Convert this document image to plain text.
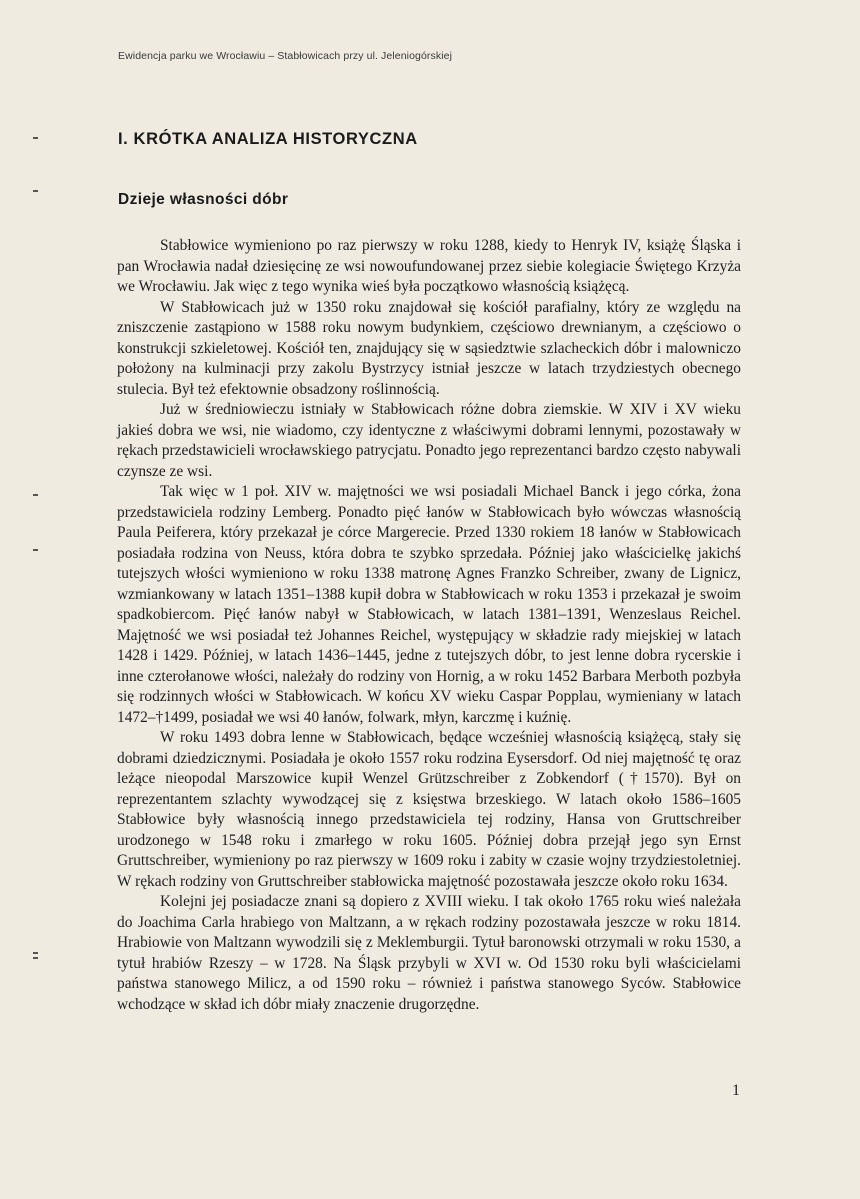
Ewidencja parku we Wrocławiu – Stabłowicach przy ul. Jeleniogórskiej
I. KRÓTKA ANALIZA HISTORYCZNA
Dzieje własności dóbr

Stabłowice wymieniono po raz pierwszy w roku 1288, kiedy to Henryk IV, książę Śląska i pan Wrocławia nadał dziesięcinę ze wsi nowoufundowanej przez siebie kolegiacie Świętego Krzyża we Wrocławiu. Jak więc z tego wynika wieś była początkowo własnością książęcą.

W Stabłowicach już w 1350 roku znajdował się kościół parafialny, który ze względu na zniszczenie zastąpiono w 1588 roku nowym budynkiem, częściowo drewnianym, a częściowo o konstrukcji szkieletowej. Kościół ten, znajdujący się w sąsiedztwie szlacheckich dóbr i malowniczo położony na kulminacji przy zakolu Bystrzycy istniał jeszcze w latach trzydziestych obecnego stulecia. Był też efektownie obsadzony roślinnością.

Już w średniowieczu istniały w Stabłowicach różne dobra ziemskie. W XIV i XV wieku jakieś dobra we wsi, nie wiadomo, czy identyczne z właściwymi dobrami lennymi, pozostawały w rękach przedstawicieli wrocławskiego patrycjatu. Ponadto jego reprezentanci bardzo często nabywali czynsze ze wsi.

Tak więc w 1 poł. XIV w. majętności we wsi posiadali Michael Banck i jego córka, żona przedstawiciela rodziny Lemberg. Ponadto pięć łanów w Stabłowicach było wówczas własnością Paula Peiferera, który przekazał je córce Margerecie. Przed 1330 rokiem 18 łanów w Stabłowicach posiadała rodzina von Neuss, która dobra te szybko sprzedała. Później jako właścicielkę jakichś tutejszych włości wymieniono w roku 1338 matronę Agnes Franzko Schreiber, zwany de Lignicz, wzmiankowany w latach 1351–1388 kupił dobra w Stabłowicach w roku 1353 i przekazał je swoim spadkobiercom. Pięć łanów nabył w Stabłowicach, w latach 1381–1391, Wenzeslaus Reichel. Majętność we wsi posiadał też Johannes Reichel, występujący w składzie rady miejskiej w latach 1428 i 1429. Później, w latach 1436–1445, jedne z tutejszych dóbr, to jest lenne dobra rycerskie i inne czterołanowe włości, należały do rodziny von Hornig, a w roku 1452 Barbara Merboth pozbyła się rodzinnych włości w Stabłowicach. W końcu XV wieku Caspar Popplau, wymieniany w latach 1472–†1499, posiadał we wsi 40 łanów, folwark, młyn, karczmę i kuźnię.

W roku 1493 dobra lenne w Stabłowicach, będące wcześniej własnością książęcą, stały się dobrami dziedzicznymi. Posiadała je około 1557 roku rodzina Eysersdorf. Od niej majętność tę oraz leżące nieopodal Marszowice kupił Wenzel Grützschreiber z Zobkendorf (†1570). Był on reprezentantem szlachty wywodzącej się z księstwa brzeskiego. W latach około 1586–1605 Stabłowice były własnością innego przedstawiciela tej rodziny, Hansa von Gruttschreiber urodzonego w 1548 roku i zmarłego w roku 1605. Później dobra przejął jego syn Ernst Gruttschreiber, wymieniony po raz pierwszy w 1609 roku i zabity w czasie wojny trzydziestoletniej. W rękach rodziny von Gruttschreiber stabłowicka majętność pozostawała jeszcze około roku 1634.

Kolejni jej posiadacze znani są dopiero z XVIII wieku. I tak około 1765 roku wieś należała do Joachima Carla hrabiego von Maltzann, a w rękach rodziny pozostawała jeszcze w roku 1814. Hrabiowie von Maltzann wywodzili się z Meklemburgii. Tytuł baronowski otrzymali w roku 1530, a tytuł hrabiów Rzeszy – w 1728. Na Śląsk przybyli w XVI w. Od 1530 roku byli właścicielami państwa stanowego Milicz, a od 1590 roku – również i państwa stanowego Syców. Stabłowice wchodzące w skład ich dóbr miały znaczenie drugorzędne.

1
